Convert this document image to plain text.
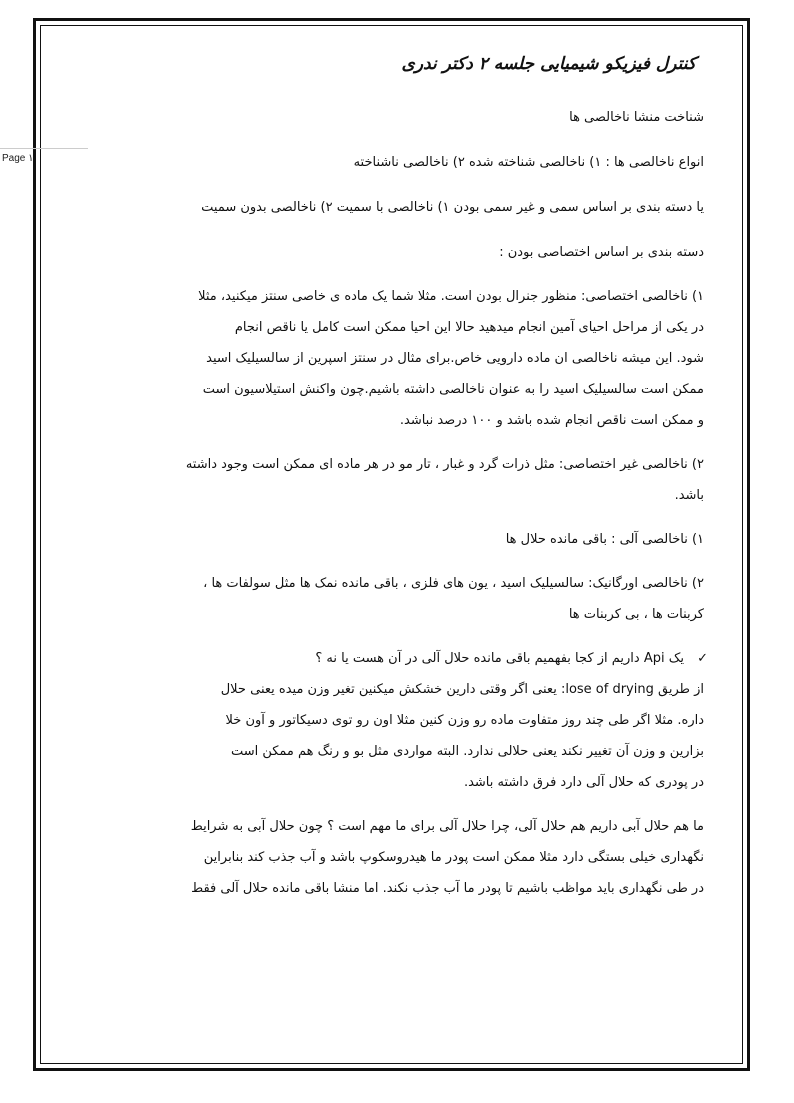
Page ۱

کنترل فیزیکو شیمیایی جلسه ۲ دکتر ندری

شناخت منشا ناخالصی ها

انواع ناخالصی ها : ۱) ناخالصی شناخته شده ۲) ناخالصی ناشناخته

یا دسته بندی بر اساس سمی و غیر سمی بودن ۱) ناخالصی با سمیت ۲) ناخالصی بدون سمیت

دسته بندی بر اساس اختصاصی بودن :

۱) ناخالصی اختصاصی: منظور جنرال بودن است. مثلا شما یک ماده ی خاصی سنتز میکنید، مثلا

در یکی از مراحل احیای آمین انجام میدهید حالا این احیا ممکن است کامل یا ناقص انجام

شود. این میشه ناخالصی ان ماده دارویی خاص.برای مثال در سنتز اسپرین از سالسیلیک اسید

ممکن است سالسیلیک اسید را به عنوان ناخالصی داشته باشیم.چون واکنش استیلاسیون است

و ممکن است ناقص انجام شده باشد و ۱۰۰ درصد نباشد.

۲) ناخالصی غیر اختصاصی: مثل ذرات گرد و غبار ، تار مو در هر ماده ای ممکن است وجود داشته

باشد.

۱) ناخالصی آلی : باقی مانده حلال ها

۲) ناخالصی اورگانیک: سالسیلیک اسید ، یون های فلزی ، باقی مانده نمک ها مثل سولفات ها ،

کربنات ها ، بی کربنات ها

✓یک Api داریم از کجا بفهمیم باقی مانده حلال آلی در آن هست یا نه ؟

از طریق lose of drying: یعنی اگر وقتی دارین خشکش میکنین تغیر وزن میده یعنی حلال

داره. مثلا اگر طی چند روز متفاوت ماده رو وزن کنین مثلا اون رو توی دسیکاتور و آون خلا

بزارین و وزن آن تغییر نکند یعنی حلالی ندارد. البته مواردی مثل بو و رنگ هم ممکن است

در پودری که حلال آلی دارد فرق داشته باشد.

ما هم حلال آبی داریم هم حلال آلی، چرا حلال آلی برای ما مهم است ؟ چون حلال آبی به شرایط

نگهداری خیلی بستگی دارد مثلا ممکن است پودر ما هیدروسکوپ باشد و آب جذب کند بنابراین

در طی نگهداری باید مواظب باشیم تا پودر ما آب جذب نکند. اما منشا باقی مانده حلال آلی فقط
